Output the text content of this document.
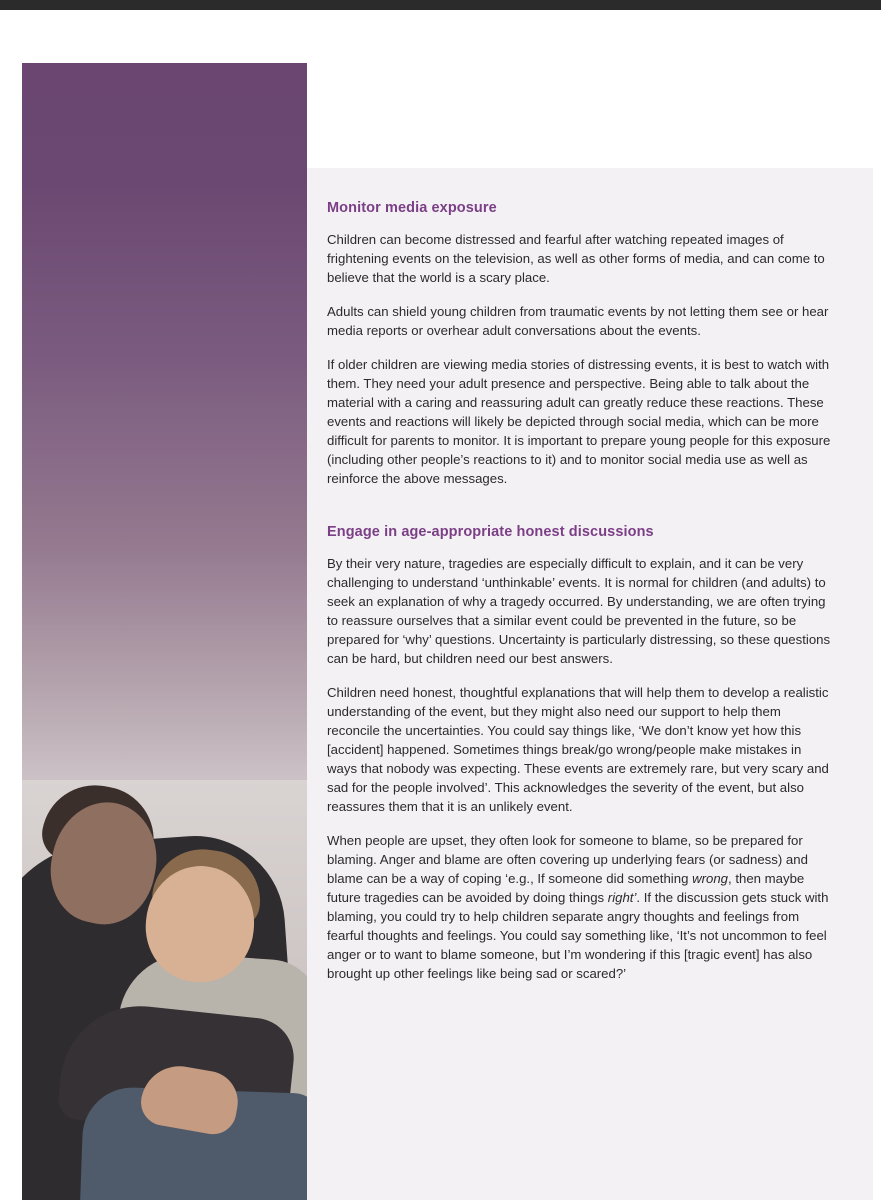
Monitor media exposure

Children can become distressed and fearful after watching repeated images of frightening events on the television, as well as other forms of media, and can come to believe that the world is a scary place.

Adults can shield young children from traumatic events by not letting them see or hear media reports or overhear adult conversations about the events.

If older children are viewing media stories of distressing events, it is best to watch with them. They need your adult presence and perspective. Being able to talk about the material with a caring and reassuring adult can greatly reduce these reactions. These events and reactions will likely be depicted through social media, which can be more difficult for parents to monitor. It is important to prepare young people for this exposure (including other people’s reactions to it) and to monitor social media use as well as reinforce the above messages.

Engage in age-appropriate honest discussions

By their very nature, tragedies are especially difficult to explain, and it can be very challenging to understand ‘unthinkable’ events. It is normal for children (and adults) to seek an explanation of why a tragedy occurred. By understanding, we are often trying to reassure ourselves that a similar event could be prevented in the future, so be prepared for ‘why’ questions. Uncertainty is particularly distressing, so these questions can be hard, but children need our best answers.

Children need honest, thoughtful explanations that will help them to develop a realistic understanding of the event, but they might also need our support to help them reconcile the uncertainties. You could say things like, ‘We don’t know yet how this [accident] happened. Sometimes things break/go wrong/people make mistakes in ways that nobody was expecting. These events are extremely rare, but very scary and sad for the people involved’. This acknowledges the severity of the event, but also reassures them that it is an unlikely event.

When people are upset, they often look for someone to blame, so be prepared for blaming. Anger and blame are often covering up underlying fears (or sadness) and blame can be a way of coping ‘e.g., If someone did something wrong, then maybe future tragedies can be avoided by doing things right’. If the discussion gets stuck with blaming, you could try to help children separate angry thoughts and feelings from fearful thoughts and feelings. You could say something like, ‘It’s not uncommon to feel anger or to want to blame someone, but I’m wondering if this [tragic event] has also brought up other feelings like being sad or scared?’
